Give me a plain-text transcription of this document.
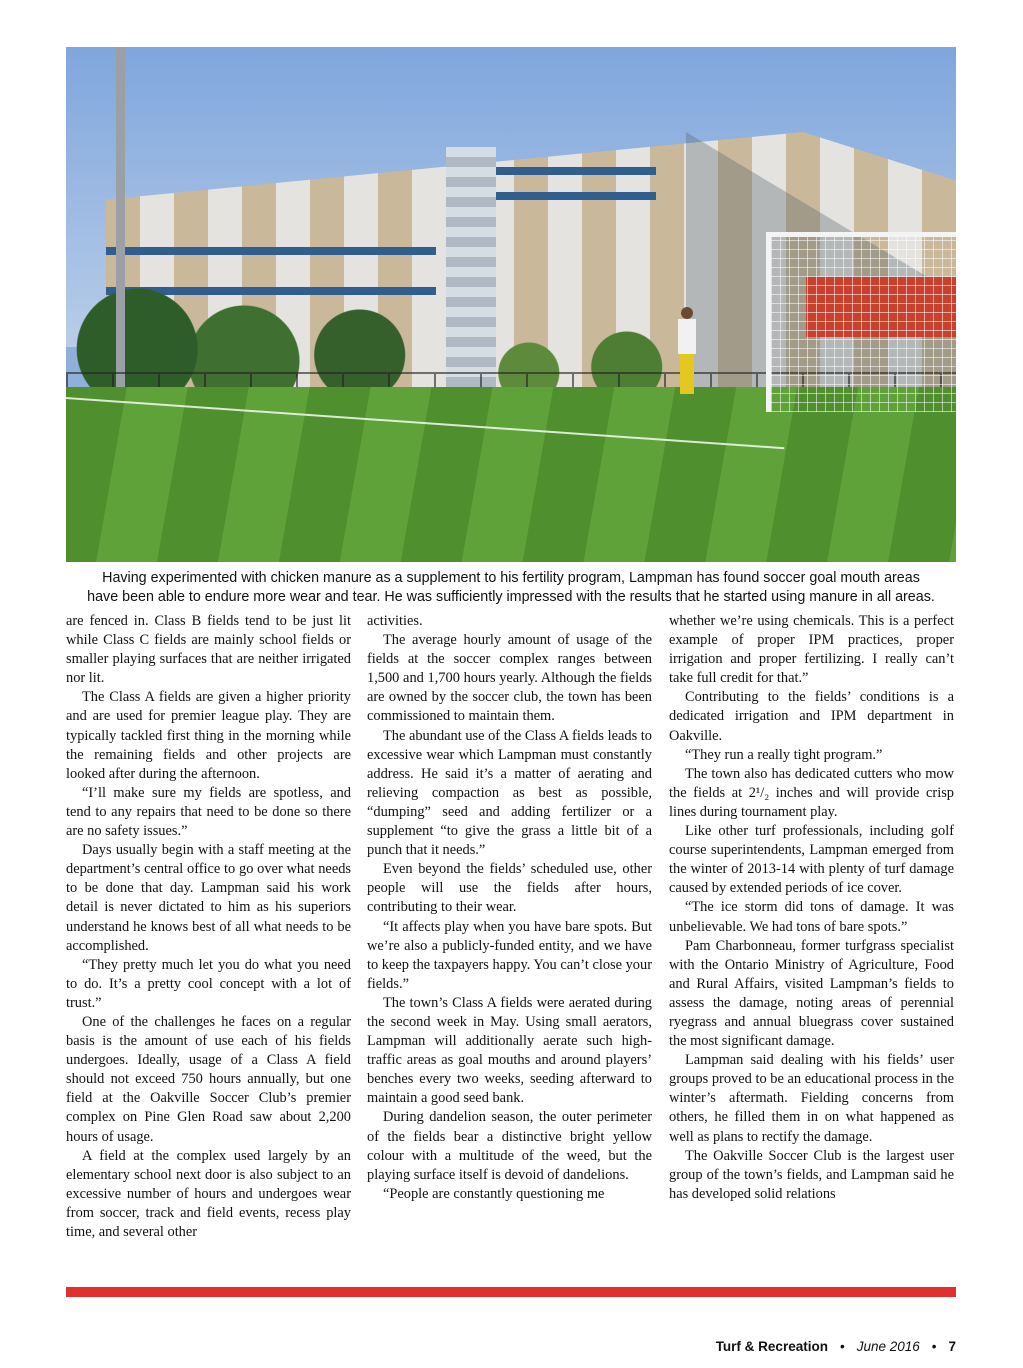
Having experimented with chicken manure as a supplement to his fertility program, Lampman has found soccer goal mouth areas
have been able to endure more wear and tear. He was sufficiently impressed with the results that he started using manure in all areas.

are fenced in. Class B fields tend to be just lit while Class C fields are mainly school fields or smaller playing surfaces that are neither irrigated nor lit.

The Class A fields are given a higher priority and are used for premier league play. They are typically tackled first thing in the morning while the remaining fields and other projects are looked after during the afternoon.

“I’ll make sure my fields are spotless, and tend to any repairs that need to be done so there are no safety issues.”

Days usually begin with a staff meeting at the department’s central office to go over what needs to be done that day. Lampman said his work detail is never dictated to him as his superiors understand he knows best of all what needs to be accomplished.

“They pretty much let you do what you need to do. It’s a pretty cool concept with a lot of trust.”

One of the challenges he faces on a regular basis is the amount of use each of his fields undergoes. Ideally, usage of a Class A field should not exceed 750 hours annually, but one field at the Oakville Soccer Club’s premier complex on Pine Glen Road saw about 2,200 hours of usage.

A field at the complex used largely by an elementary school next door is also subject to an excessive number of hours and undergoes wear from soccer, track and field events, recess play time, and several other

activities.

The average hourly amount of usage of the fields at the soccer complex ranges between 1,500 and 1,700 hours yearly. Although the fields are owned by the soccer club, the town has been commissioned to maintain them.

The abundant use of the Class A fields leads to excessive wear which Lampman must constantly address. He said it’s a matter of aerating and relieving compaction as best as possible, “dumping” seed and adding fertilizer or a supplement “to give the grass a little bit of a punch that it needs.”

Even beyond the fields’ scheduled use, other people will use the fields after hours, contributing to their wear.

“It affects play when you have bare spots. But we’re also a publicly-funded entity, and we have to keep the taxpayers happy. You can’t close your fields.”

The town’s Class A fields were aerated during the second week in May. Using small aerators, Lampman will additionally aerate such high-traffic areas as goal mouths and around players’ benches every two weeks, seeding afterward to maintain a good seed bank.

During dandelion season, the outer perimeter of the fields bear a distinctive bright yellow colour with a multitude of the weed, but the playing surface itself is devoid of dandelions.

“People are constantly questioning me

whether we’re using chemicals. This is a perfect example of proper IPM practices, proper irrigation and proper fertilizing. I really can’t take full credit for that.”

Contributing to the fields’ conditions is a dedicated irrigation and IPM department in Oakville.

“They run a really tight program.”

The town also has dedicated cutters who mow the fields at 2¹/₂ inches and will provide crisp lines during tournament play.

Like other turf professionals, including golf course superintendents, Lampman emerged from the winter of 2013-14 with plenty of turf damage caused by extended periods of ice cover.

“The ice storm did tons of damage. It was unbelievable. We had tons of bare spots.”

Pam Charbonneau, former turfgrass specialist with the Ontario Ministry of Agriculture, Food and Rural Affairs, visited Lampman’s fields to assess the damage, noting areas of perennial ryegrass and annual bluegrass cover sustained the most significant damage.

Lampman said dealing with his fields’ user groups proved to be an educational process in the winter’s aftermath. Fielding concerns from others, he filled them in on what happened as well as plans to rectify the damage.

The Oakville Soccer Club is the largest user group of the town’s fields, and Lampman said he has developed solid relations

Turf & Recreation • June 2016 • 7
